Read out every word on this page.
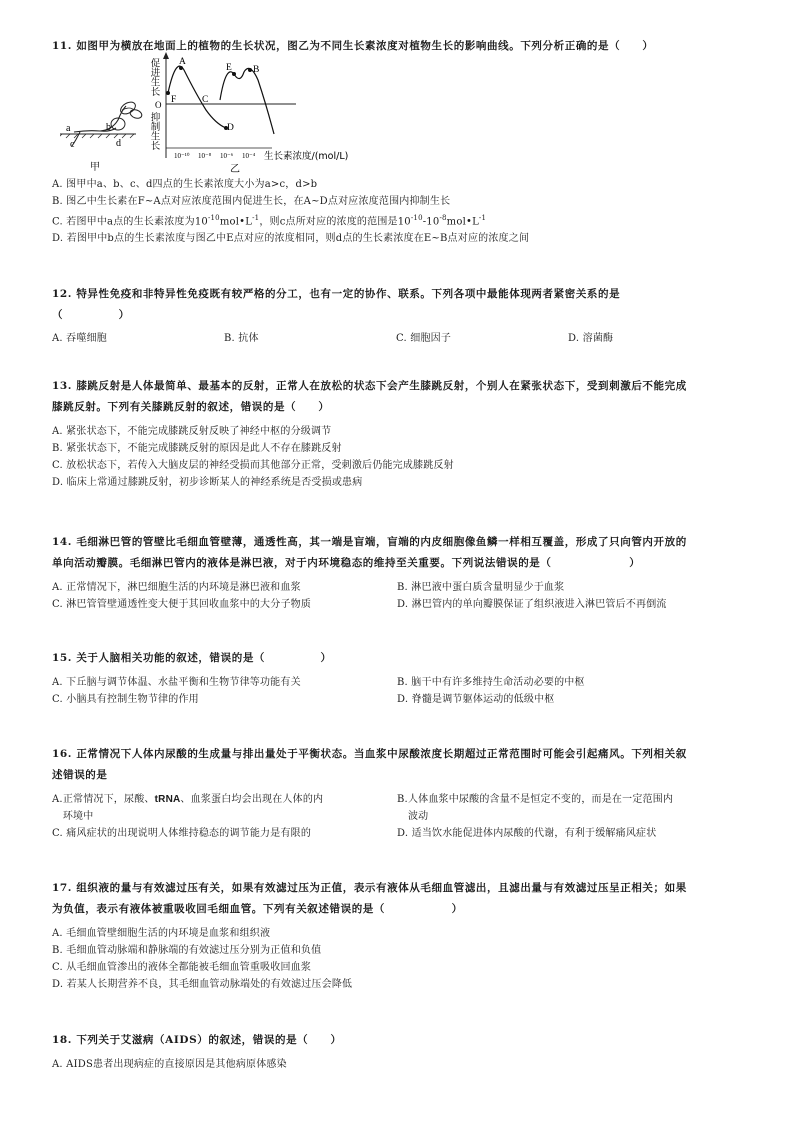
11. 如图甲为横放在地面上的植物的生长状况，图乙为不同生长素浓度对植物生长的影响曲线。下列分析正确的是（　　）
a
c
b
d
甲
促进生长
O
抑制生长
F
A
C
D
E B
10⁻¹⁰ 10⁻⁸ 10⁻⁶ 10⁻⁴ 生长素浓度/(mol/L)
乙
A. 图甲中a、b、c、d四点的生长素浓度大小为a>c，d>b
B. 图乙中生长素在F~A点对应浓度范围内促进生长，在A~D点对应浓度范围内抑制生长
C. 若图甲中a点的生长素浓度为$10^{-10}mol•L^{-1}$，则c点所对应的浓度的范围是$10^{-10}-10^{-8}mol•L^{-1}$
D. 若图甲中b点的生长素浓度与图乙中E点对应的浓度相同，则d点的生长素浓度在E~B点对应的浓度之间
12. 特异性免疫和非特异性免疫既有较严格的分工，也有一定的协作、联系。下列各项中最能体现两者紧密关系的是
（　　　　　）
A. 吞噬细胞	B. 抗体	C. 细胞因子	D. 溶菌酶
13. 膝跳反射是人体最简单、最基本的反射，正常人在放松的状态下会产生膝跳反射，个别人在紧张状态下，受到刺激后不能完成
膝跳反射。下列有关膝跳反射的叙述，错误的是（　　）
A. 紧张状态下，不能完成膝跳反射反映了神经中枢的分级调节
B. 紧张状态下，不能完成膝跳反射的原因是此人不存在膝跳反射
C. 放松状态下，若传入大脑皮层的神经受损而其他部分正常，受刺激后仍能完成膝跳反射
D. 临床上常通过膝跳反射，初步诊断某人的神经系统是否受损或患病
14. 毛细淋巴管的管壁比毛细血管壁薄，通透性高，其一端是盲端，盲端的内皮细胞像鱼鳞一样相互覆盖，形成了只向管内开放的
单向活动瓣膜。毛细淋巴管内的液体是淋巴液，对于内环境稳态的维持至关重要。下列说法错误的是（　　　　　　　）
A. 正常情况下，淋巴细胞生活的内环境是淋巴液和血浆	B. 淋巴液中蛋白质含量明显少于血浆
C. 淋巴管管壁通透性变大便于其回收血浆中的大分子物质	D. 淋巴管内的单向瓣膜保证了组织液进入淋巴管后不再倒流
15. 关于人脑相关功能的叙述，错误的是（　　　　　）
A. 下丘脑与调节体温、水盐平衡和生物节律等功能有关	B. 脑干中有许多维持生命活动必要的中枢
C. 小脑具有控制生物节律的作用	D. 脊髓是调节躯体运动的低级中枢
16. 正常情况下人体内尿酸的生成量与排出量处于平衡状态。当血浆中尿酸浓度长期超过正常范围时可能会引起痛风。下列相关叙
述错误的是
A. 正常情况下，尿酸、tRNA、血浆蛋白均会出现在人体的内
环境中
B. 人体血浆中尿酸的含量不是恒定不变的，而是在一定范围内
波动
C. 痛风症状的出现说明人体维持稳态的调节能力是有限的	D. 适当饮水能促进体内尿酸的代谢，有利于缓解痛风症状
17. 组织液的量与有效滤过压有关，如果有效滤过压为正值，表示有液体从毛细血管滤出，且滤出量与有效滤过压呈正相关；如果
为负值，表示有液体被重吸收回毛细血管。下列有关叙述错误的是（　　　　　　）
A. 毛细血管壁细胞生活的内环境是血浆和组织液
B. 毛细血管动脉端和静脉端的有效滤过压分别为正值和负值
C. 从毛细血管渗出的液体全都能被毛细血管重吸收回血浆
D. 若某人长期营养不良，其毛细血管动脉端处的有效滤过压会降低
18. 下列关于艾滋病（AIDS）的叙述，错误的是（　　）
A. AIDS患者出现病症的直接原因是其他病原体感染
